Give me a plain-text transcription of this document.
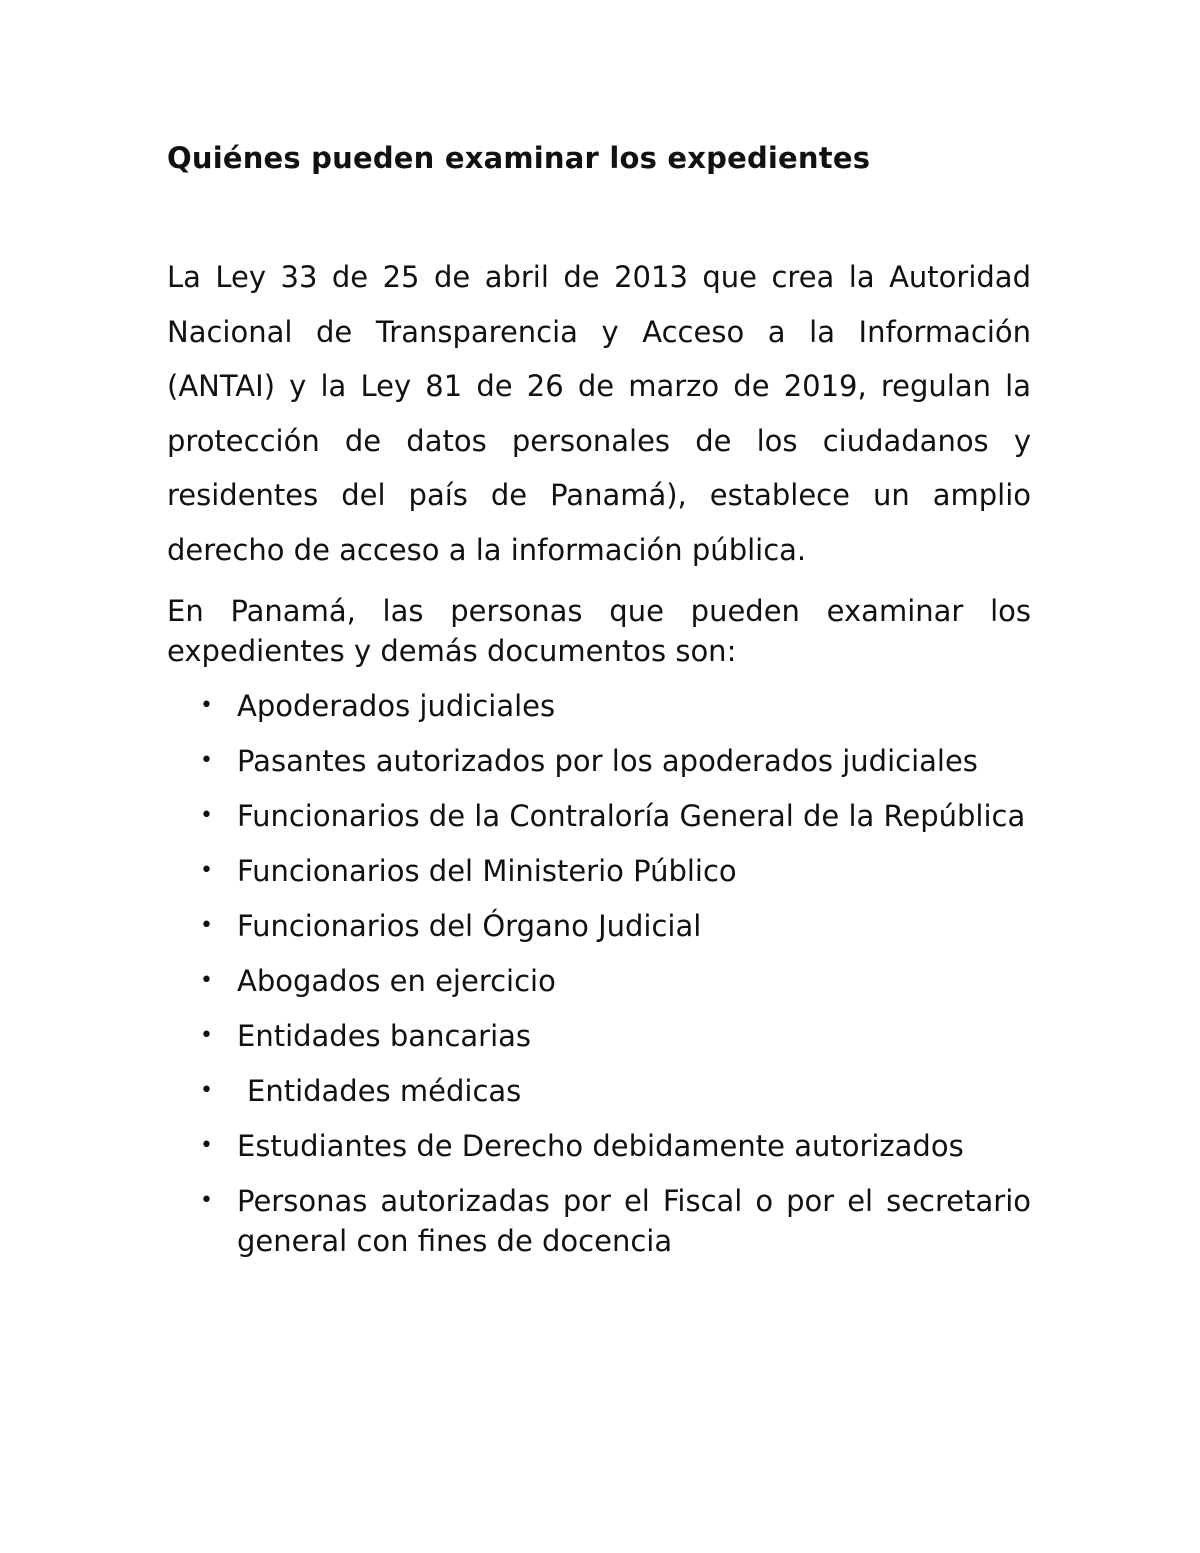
Quiénes pueden examinar los expedientes

La Ley 33 de 25 de abril de 2013 que crea la Autoridad Nacional de Transparencia y Acceso a la Información (ANTAI) y la Ley 81 de 26 de marzo de 2019, regulan la protección de datos personales de los ciudadanos y residentes del país de Panamá), establece un amplio derecho de acceso a la información pública.

En Panamá, las personas que pueden examinar los expedientes y demás documentos son:

• Apoderados judiciales
• Pasantes autorizados por los apoderados judiciales
• Funcionarios de la Contraloría General de la República
• Funcionarios del Ministerio Público
• Funcionarios del Órgano Judicial
• Abogados en ejercicio
• Entidades bancarias
•	Entidades médicas
• Estudiantes de Derecho debidamente autorizados
• Personas autorizadas por el Fiscal o por el secretario general con fines de docencia
